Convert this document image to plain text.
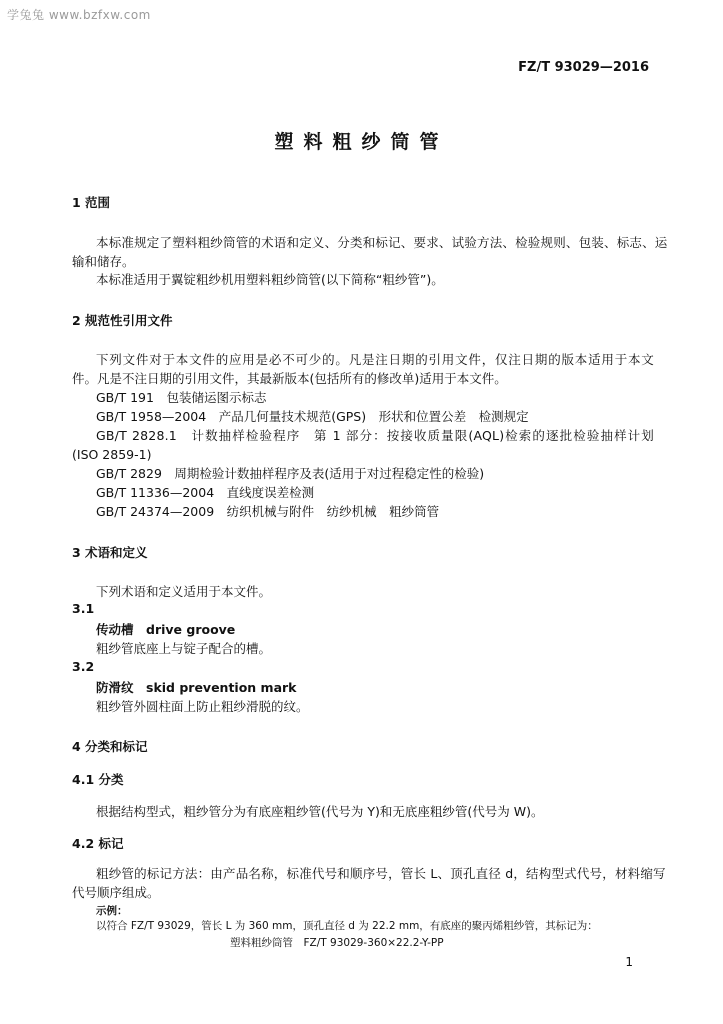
学兔兔 www.bzfxw.com
FZ/T 93029—2016
塑料粗纱筒管
1 范围
本标准规定了塑料粗纱筒管的术语和定义、分类和标记、要求、试验方法、检验规则、包装、标志、运
输和储存。
本标准适用于翼锭粗纱机用塑料粗纱筒管(以下简称“粗纱管”)。
2 规范性引用文件
下列文件对于本文件的应用是必不可少的。凡是注日期的引用文件，仅注日期的版本适用于本文
件。凡是不注日期的引用文件，其最新版本(包括所有的修改单)适用于本文件。
GB/T 191　包装储运图示标志
GB/T 1958—2004　产品几何量技术规范(GPS)　形状和位置公差　检测规定
GB/T 2828.1　计数抽样检验程序　第 1 部分：按接收质量限(AQL)检索的逐批检验抽样计划
(ISO 2859-1)
GB/T 2829　周期检验计数抽样程序及表(适用于对过程稳定性的检验)
GB/T 11336—2004　直线度误差检测
GB/T 24374—2009　纺织机械与附件　纺纱机械　粗纱筒管
3 术语和定义
下列术语和定义适用于本文件。
3.1
传动槽　drive groove
粗纱管底座上与锭子配合的槽。
3.2
防滑纹　skid prevention mark
粗纱管外圆柱面上防止粗纱滑脱的纹。
4 分类和标记
4.1 分类
根据结构型式，粗纱管分为有底座粗纱管(代号为 Y)和无底座粗纱管(代号为 W)。
4.2 标记
粗纱管的标记方法：由产品名称，标准代号和顺序号，管长 L、顶孔直径 d，结构型式代号，材料缩写
代号顺序组成。
示例：
以符合 FZ/T 93029，管长 L 为 360 mm，顶孔直径 d 为 22.2 mm，有底座的聚丙烯粗纱管，其标记为：
塑料粗纱筒管　FZ/T 93029-360×22.2-Y-PP
1
